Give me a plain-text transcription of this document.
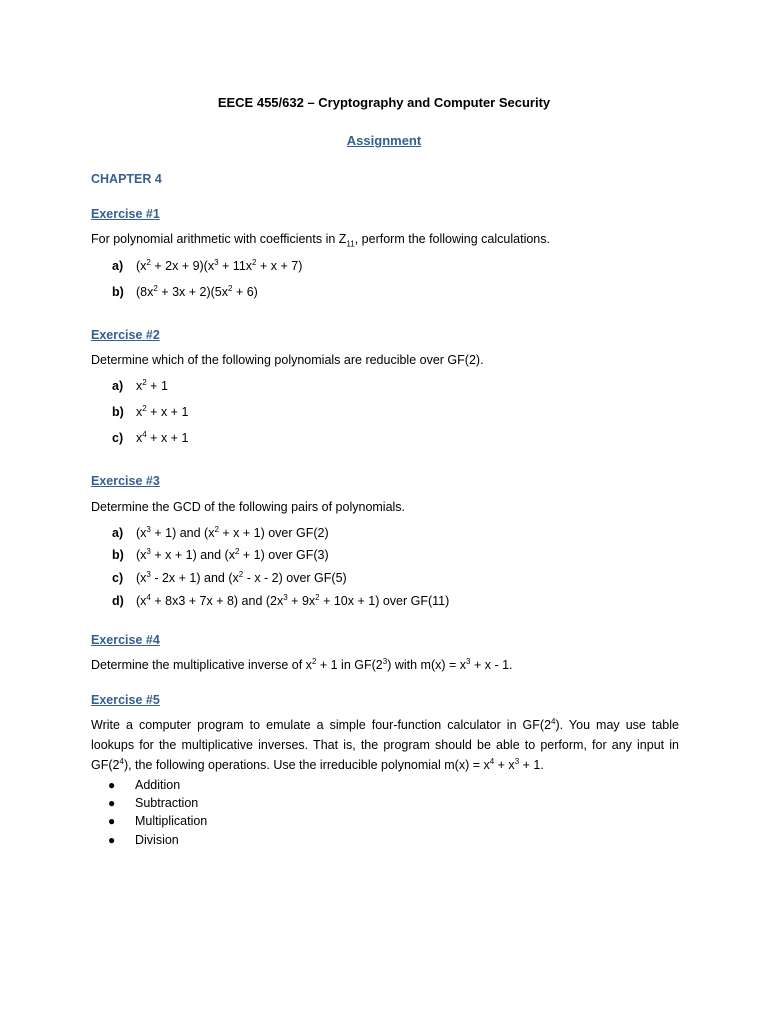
EECE 455/632 – Cryptography and Computer Security
Assignment
CHAPTER 4
Exercise #1
For polynomial arithmetic with coefficients in $Z_{11}$, perform the following calculations.
a) $(x^2 + 2x + 9)(x^3 + 11x^2 + x + 7)$
b) $(8x^2 + 3x + 2)(5x^2 + 6)$
Exercise #2
Determine which of the following polynomials are reducible over GF(2).
a) $x^2 + 1$
b) $x^2 + x + 1$
c) $x^4 + x + 1$
Exercise #3
Determine the GCD of the following pairs of polynomials.
a) $(x^3 + 1)$ and $(x^2 + x + 1)$ over GF(2)
b) $(x^3 + x + 1)$ and $(x^2 + 1)$ over GF(3)
c) $(x^3 - 2x + 1)$ and ($x^2$ - x - 2) over GF(5)
d) $(x^4 + 8x3 + 7x + 8)$ and $(2x^3 + 9x^2 + 10x + 1)$ over GF(11)
Exercise #4
Determine the multiplicative inverse of $x^2 + 1$ in $GF(2^3)$ with $m(x) = x^3 + x - 1$.
Exercise #5
Write a computer program to emulate a simple four-function calculator in $GF(2^4)$. You may use table lookups for the multiplicative inverses. That is, the program should be able to perform, for any input in $GF(2^4)$, the following operations. Use the irreducible polynomial $m(x) = x^4 + x^3 + 1$.
● Addition
● Subtraction
● Multiplication
● Division
